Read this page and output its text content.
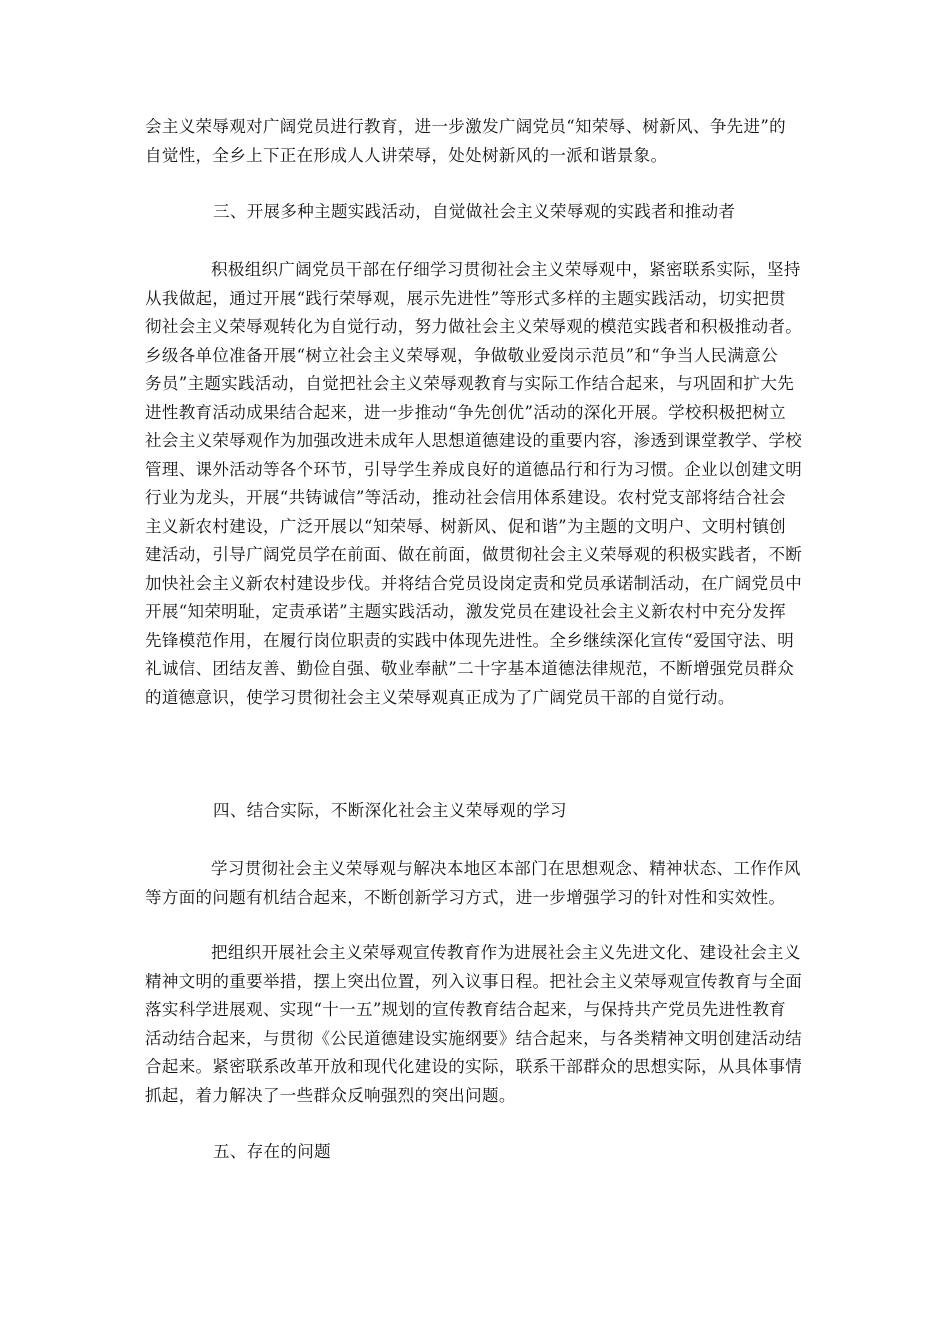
会主义荣辱观对广阔党员进行教育，进一步激发广阔党员“知荣辱、树新风、争先进”的
自觉性，全乡上下正在形成人人讲荣辱，处处树新风的一派和谐景象。
三、开展多种主题实践活动，自觉做社会主义荣辱观的实践者和推动者
积极组织广阔党员干部在仔细学习贯彻社会主义荣辱观中，紧密联系实际，坚持
从我做起，通过开展“践行荣辱观，展示先进性”等形式多样的主题实践活动，切实把贯
彻社会主义荣辱观转化为自觉行动，努力做社会主义荣辱观的模范实践者和积极推动者。
乡级各单位准备开展“树立社会主义荣辱观，争做敬业爱岗示范员”和“争当人民满意公
务员”主题实践活动，自觉把社会主义荣辱观教育与实际工作结合起来，与巩固和扩大先
进性教育活动成果结合起来，进一步推动“争先创优”活动的深化开展。学校积极把树立
社会主义荣辱观作为加强改进未成年人思想道德建设的重要内容，渗透到课堂教学、学校
管理、课外活动等各个环节，引导学生养成良好的道德品行和行为习惯。企业以创建文明
行业为龙头，开展“共铸诚信”等活动，推动社会信用体系建设。农村党支部将结合社会
主义新农村建设，广泛开展以“知荣辱、树新风、促和谐”为主题的文明户、文明村镇创
建活动，引导广阔党员学在前面、做在前面，做贯彻社会主义荣辱观的积极实践者，不断
加快社会主义新农村建设步伐。并将结合党员设岗定责和党员承诺制活动，在广阔党员中
开展“知荣明耻，定责承诺”主题实践活动，激发党员在建设社会主义新农村中充分发挥
先锋模范作用，在履行岗位职责的实践中体现先进性。全乡继续深化宣传“爱国守法、明
礼诚信、团结友善、勤俭自强、敬业奉献”二十字基本道德法律规范，不断增强党员群众
的道德意识，使学习贯彻社会主义荣辱观真正成为了广阔党员干部的自觉行动。
四、结合实际，不断深化社会主义荣辱观的学习
学习贯彻社会主义荣辱观与解决本地区本部门在思想观念、精神状态、工作作风
等方面的问题有机结合起来，不断创新学习方式，进一步增强学习的针对性和实效性。
把组织开展社会主义荣辱观宣传教育作为进展社会主义先进文化、建设社会主义
精神文明的重要举措，摆上突出位置，列入议事日程。把社会主义荣辱观宣传教育与全面
落实科学进展观、实现“十一五”规划的宣传教育结合起来，与保持共产党员先进性教育
活动结合起来，与贯彻《公民道德建设实施纲要》结合起来，与各类精神文明创建活动结
合起来。紧密联系改革开放和现代化建设的实际，联系干部群众的思想实际，从具体事情
抓起，着力解决了一些群众反响强烈的突出问题。
五、存在的问题
